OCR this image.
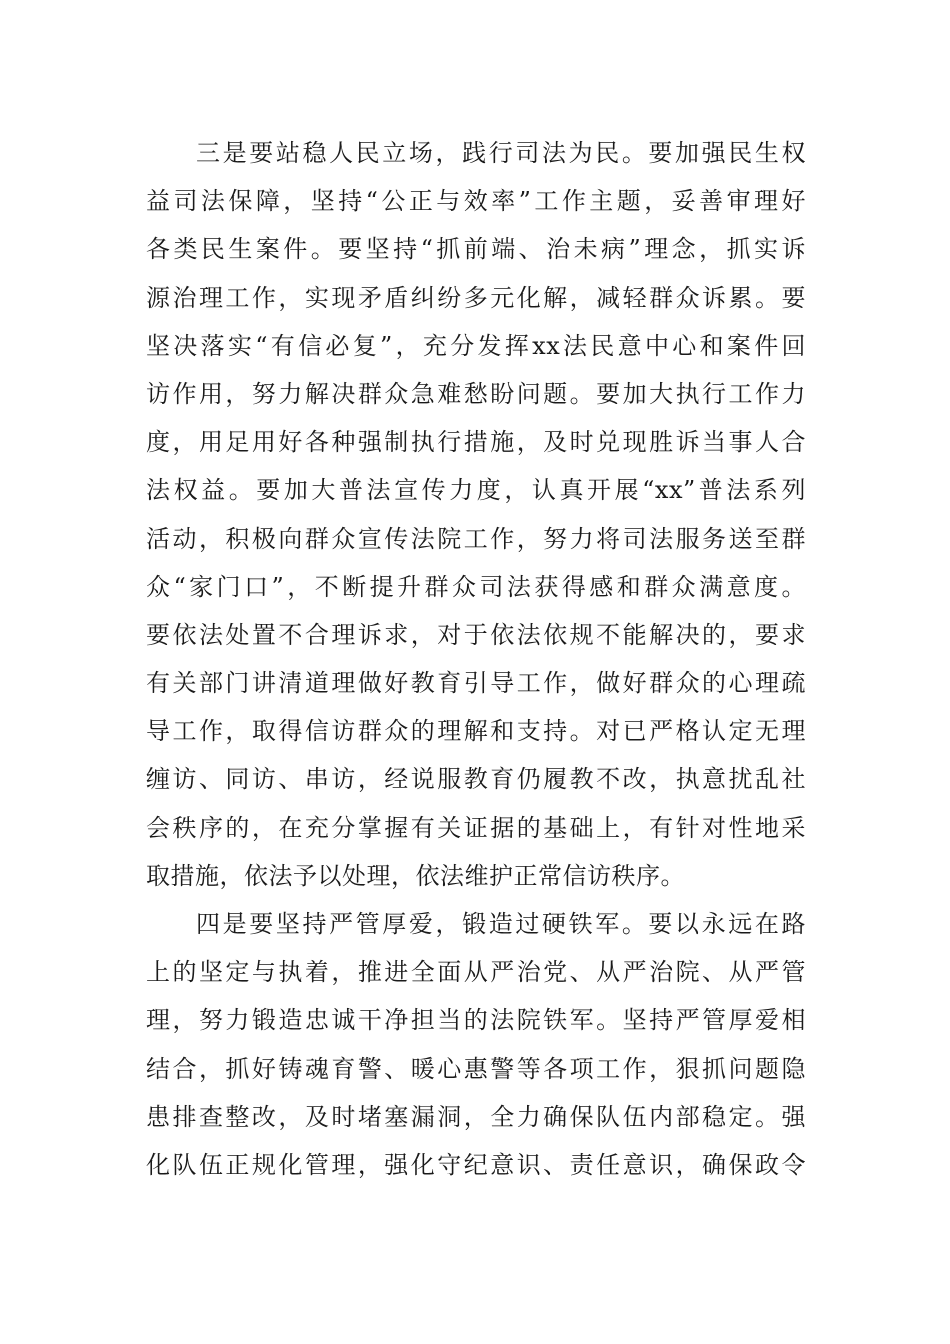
三是要站稳人民立场，践行司法为民。要加强民生权
益司法保障，坚持“公正与效率”工作主题，妥善审理好
各类民生案件。要坚持“抓前端、治未病”理念，抓实诉
源治理工作，实现矛盾纠纷多元化解，减轻群众诉累。要
坚决落实“有信必复”，充分发挥xx法民意中心和案件回
访作用，努力解决群众急难愁盼问题。要加大执行工作力
度，用足用好各种强制执行措施，及时兑现胜诉当事人合
法权益。要加大普法宣传力度，认真开展“xx”普法系列
活动，积极向群众宣传法院工作，努力将司法服务送至群
众“家门口”，不断提升群众司法获得感和群众满意度。
要依法处置不合理诉求，对于依法依规不能解决的，要求
有关部门讲清道理做好教育引导工作，做好群众的心理疏
导工作，取得信访群众的理解和支持。对已严格认定无理
缠访、同访、串访，经说服教育仍履教不改，执意扰乱社
会秩序的，在充分掌握有关证据的基础上，有针对性地采
取措施，依法予以处理，依法维护正常信访秩序。
四是要坚持严管厚爱，锻造过硬铁军。要以永远在路
上的坚定与执着，推进全面从严治党、从严治院、从严管
理，努力锻造忠诚干净担当的法院铁军。坚持严管厚爱相
结合，抓好铸魂育警、暖心惠警等各项工作，狠抓问题隐
患排查整改，及时堵塞漏洞，全力确保队伍内部稳定。强
化队伍正规化管理，强化守纪意识、责任意识，确保政令
